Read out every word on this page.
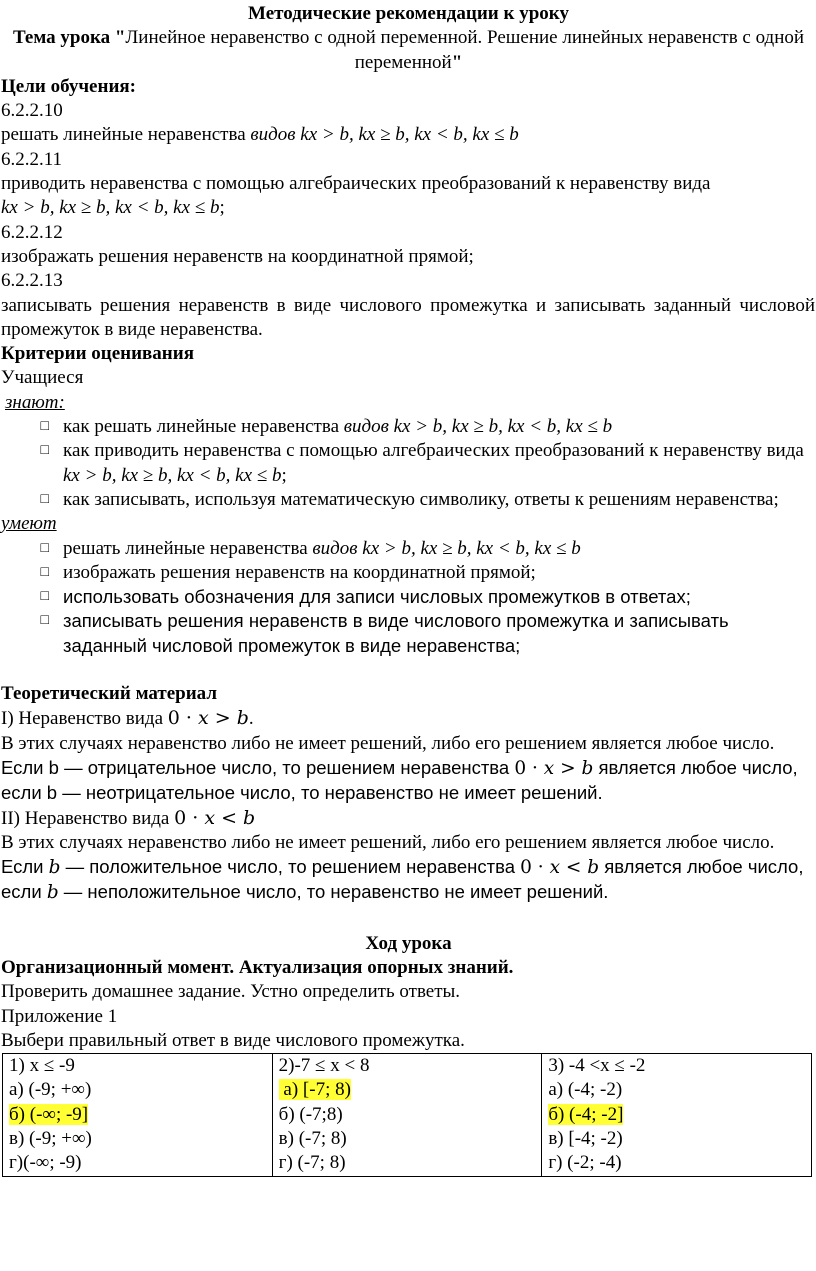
Методические рекомендации к уроку

Тема урока "Линейное неравенство с одной переменной. Решение линейных неравенств с одной переменной"

Цели обучения:

6.2.2.10

решать линейные неравенства видов kx > b, kx ≥ b, kx < b, kx ≤ b

6.2.2.11

приводить неравенства с помощью алгебраических преобразований к неравенству вида

kx > b, kx ≥ b, kx < b, kx ≤ b;

6.2.2.12

изображать решения неравенств на координатной прямой;

6.2.2.13

записывать решения неравенств в виде числового промежутка и записывать заданный числовой промежуток в виде неравенства.

Критерии оценивания

Учащиеся

знают:

□ как решать линейные неравенства видов kx > b, kx ≥ b, kx < b, kx ≤ b
□ как приводить неравенства с помощью алгебраических преобразований к неравенству вида kx > b, kx ≥ b, kx < b, kx ≤ b;
□ как записывать, используя математическую символику, ответы к решениям неравенства;

умеют

□ решать линейные неравенства видов kx > b, kx ≥ b, kx < b, kx ≤ b
□ изображать решения неравенств на координатной прямой;
□ использовать обозначения для записи числовых промежутков в ответах;
□ записывать решения неравенств в виде числового промежутка и записывать заданный числовой промежуток в виде неравенства;

Теоретический материал

I) Неравенство вида 0 · x > b.

В этих случаях неравенство либо не имеет решений, либо его решением является любое число.

Если b — отрицательное число, то решением неравенства 0 · x > b является любое число,

если b — неотрицательное число, то неравенство не имеет решений.

II) Неравенство вида 0 · x < b

В этих случаях неравенство либо не имеет решений, либо его решением является любое число.

Если b — положительное число, то решением неравенства 0 · x < b является любое число,

если b — неположительное число, то неравенство не имеет решений.

Ход урока

Организационный момент. Актуализация опорных знаний.

Проверить домашнее задание. Устно определить ответы.

Приложение 1

Выбери правильный ответ в виде числового промежутка.

1) x ≤ -9
а) (-9; +∞)
б) (-∞; -9]
в) (-9; +∞)
г)(-∞; -9)

2)-7 ≤ x < 8
а) [-7; 8)
б) (-7;8)
в) (-7; 8)
г) (-7; 8)

3) -4 <x ≤ -2
а) (-4; -2)
б) (-4; -2]
в) [-4; -2)
г) (-2; -4)
